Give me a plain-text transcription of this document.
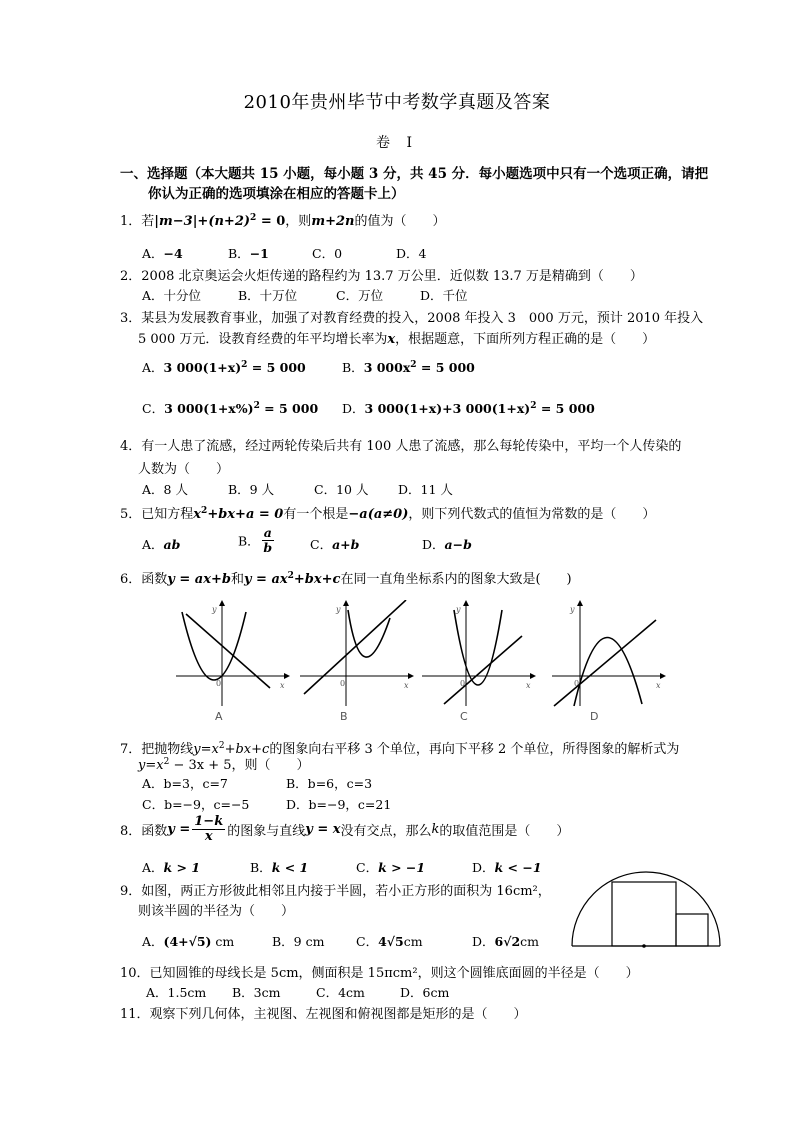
2010年贵州毕节中考数学真题及答案
卷 Ⅰ
一、选择题（本大题共 15 小题，每小题 3 分，共 45 分．每小题选项中只有一个选项正确，请把
你认为正确的选项填涂在相应的答题卡上）
1．若$|m-3|+(n+2)^2 = 0$，则m+2n的值为（　　）
A．−4	B．−1	C．0	D．4
2．2008 北京奥运会火炬传递的路程约为 13.7 万公里．近似数 13.7 万是精确到（　　）
A．十分位	B．十万位	C．万位	D．千位
3．某县为发展教育事业，加强了对教育经费的投入，2008 年投入 3　000 万元，预计 2010 年投入
5 000 万元．设教育经费的年平均增长率为x，根据题意，下面所列方程正确的是（　　）
A．3 $000(1+x)^2 = 5$ 000	B．3 $000x^2 = 5$ 000
C．3 $000(1+x\%)^2 = 5$ 000 D．3 000(1+x)+3 $000(1+x)^2 = 5$ 000
4．有一人患了流感，经过两轮传染后共有 100 人患了流感，那么每轮传染中，平均一个人传染的
人数为（　　）
A．8 人	B．9 人	C．10 人 D．11 人
5．已知方程$x^2+bx+a = 0$有一个根是−a(a≠0)，则下列代数式的值恒为常数的是（　　）
A．ab	B． $\frac{a}{b}$	C．a+b	D．a−b
6．函数y = ax+b和$y = ax^2+bx+c$在同一直角坐标系内的图象大致是(　　)
y
x
0
A
y
x
0
B
y
x
0
C
y
x
0
D
7．把抛物线$y=x^2+bx+c$的图象向右平移 3 个单位，再向下平移 2 个单位，所得图象的解析式为
$y=x^2 - 3x + 5$，则（　　）
A．b=3，c=7	B．b=6，c=3
C．b=−9，c=−5	D．b=−9，c=21
8．函数$y = \frac{1-k}{x}$ 的图象与直线y = x没有交点，那么k的取值范围是（　　）
A．k > 1	B．k < 1	C．k > −1	D．k < −1
9．如图，两正方形彼此相邻且内接于半圆，若小正方形的面积为 16cm²，
则该半圆的半径为（　　）
A．(4+√5) cm	B．9 cm	C．4√5cm	D．6√2cm
10．已知圆锥的母线长是 5cm，侧面积是 15πcm²，则这个圆锥底面圆的半径是（　　）
A．1.5cm B．3cm	C．4cm	D．6cm
11．观察下列几何体，主视图、左视图和俯视图都是矩形的是（　　）
